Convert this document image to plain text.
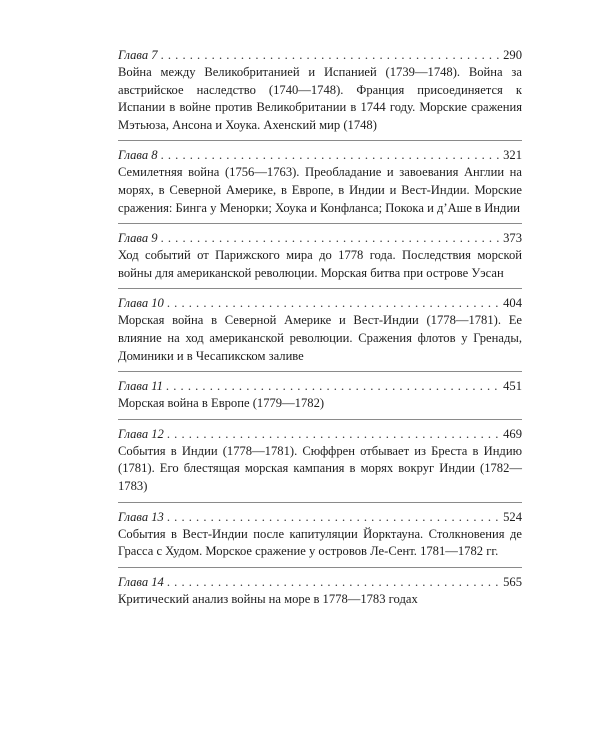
Глава 7 . . .	290

Война между Великобританией и Испанией (1739—1748). Война за австрийское наследство (1740—1748). Франция присоединяется к Испании в войне против Великобритании в 1744 году. Морские сражения Мэтьюза, Ансона и Хоука. Ахенский мир (1748)

Глава 8 . . .	321

Семилетняя война (1756—1763). Преобладание и завоевания Англии на морях, в Северной Америке, в Европе, в Индии и Вест-Индии. Морские сражения: Бинга у Менорки; Хоука и Конфланса; Покока и д’Аше в Индии

Глава 9 . . .	373

Ход событий от Парижского мира до 1778 года. Последствия морской войны для американской революции. Морская битва при острове Уэсан

Глава 10 . . .	404

Морская война в Северной Америке и Вест-Индии (1778—1781). Ее влияние на ход американской революции. Сражения флотов у Гренады, Доминики и в Чесапикском заливе

Глава 11 . . .	451

Морская война в Европе (1779—1782)

Глава 12 . . .	469

События в Индии (1778—1781). Сюффрен отбывает из Бреста в Индию (1781). Его блестящая морская кампания в морях вокруг Индии (1782—1783)

Глава 13 . . .	524

События в Вест-Индии после капитуляции Йорктауна. Столкновения де Грасса с Худом. Морское сражение у островов Ле-Сент. 1781—1782 гг.

Глава 14 . . .	565

Критический анализ войны на море в 1778—1783 годах
